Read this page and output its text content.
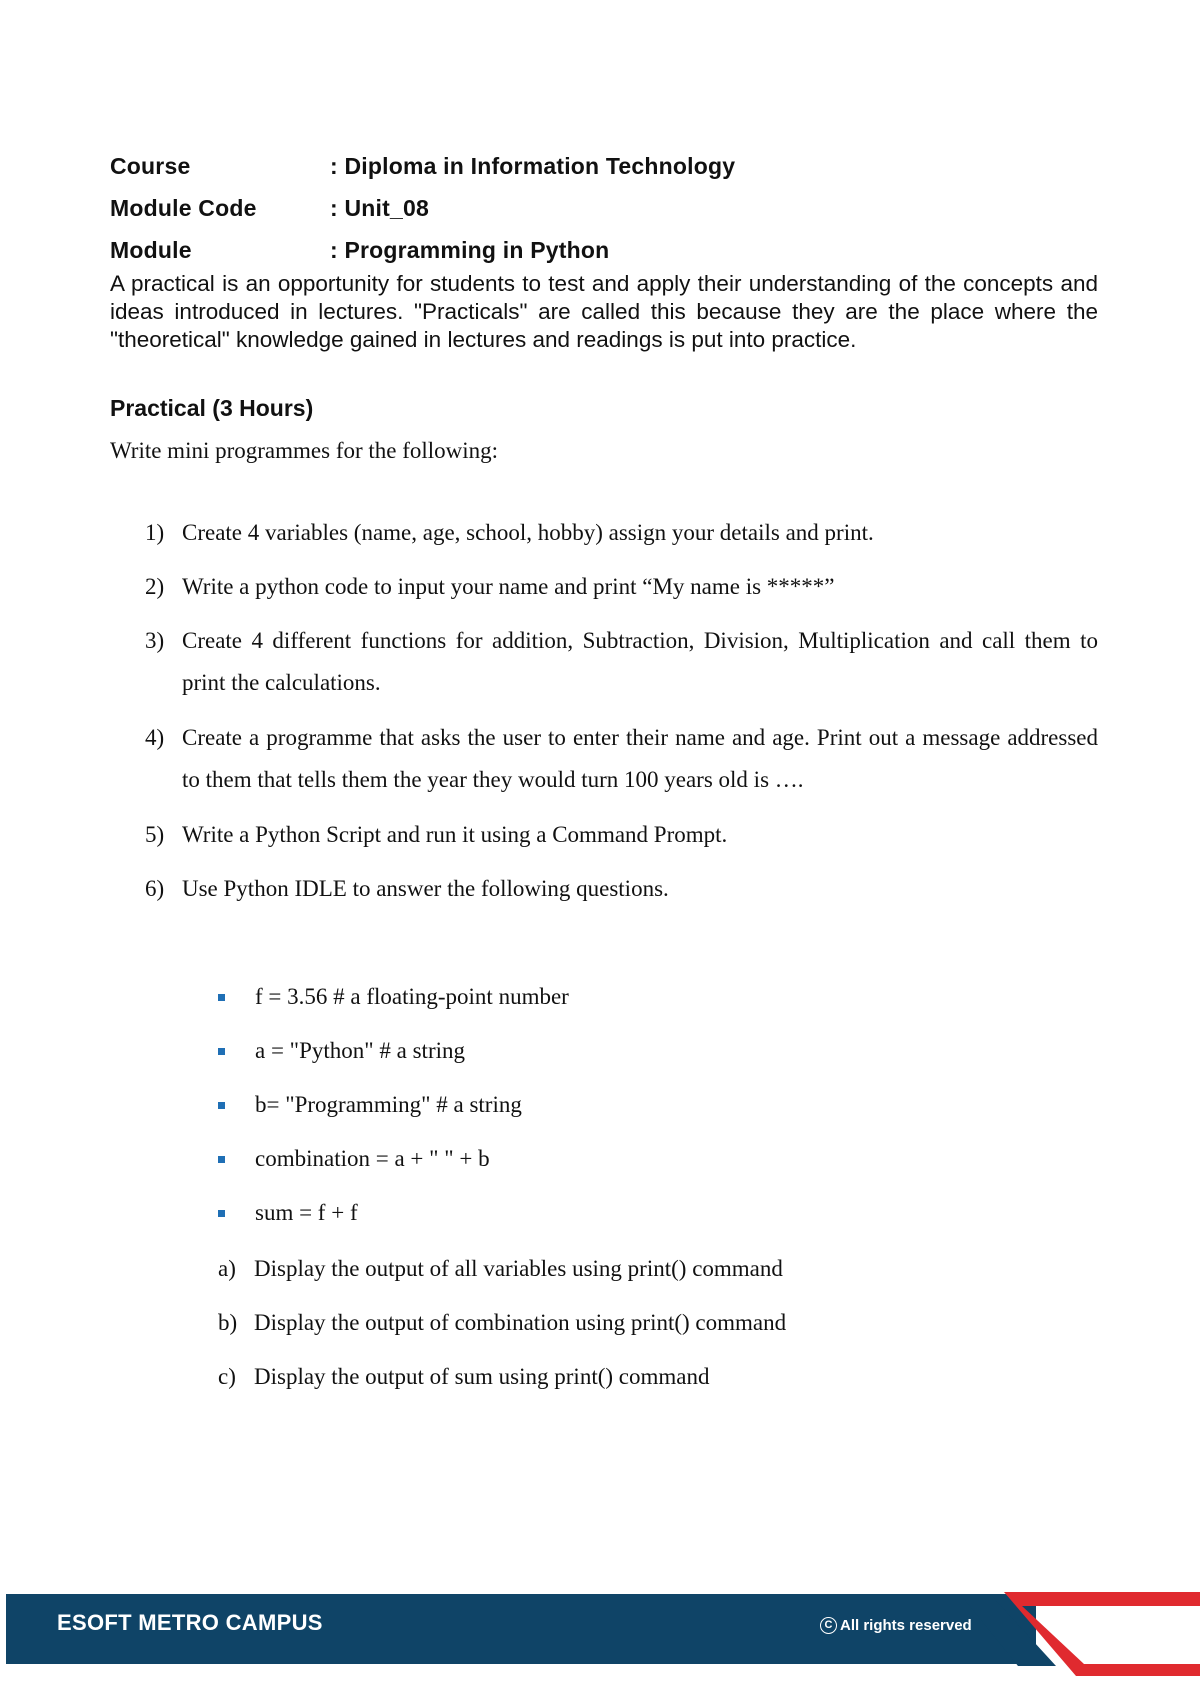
Course	: Diploma in Information Technology
Module Code	: Unit_08
Module	: Programming in Python

A practical is an opportunity for students to test and apply their understanding of the concepts and ideas introduced in lectures. "Practicals" are called this because they are the place where the "theoretical" knowledge gained in lectures and readings is put into practice.

Practical (3 Hours)
Write mini programmes for the following:
1) Create 4 variables (name, age, school, hobby) assign your details and print.
2) Write a python code to input your name and print “My name is *****”
3) Create 4 different functions for addition, Subtraction, Division, Multiplication and call them to print the calculations.
4) Create a programme that asks the user to enter their name and age. Print out a message addressed to them that tells them the year they would turn 100 years old is ….
5) Write a Python Script and run it using a Command Prompt.
6) Use Python IDLE to answer the following questions.
f = 3.56 # a floating-point number
a = "Python" # a string
b= "Programming" # a string
combination = a + " " + b
sum = f + f
a) Display the output of all variables using print() command
b) Display the output of combination using print() command
c) Display the output of sum using print() command
ESOFT METRO CAMPUS	C All rights reserved
